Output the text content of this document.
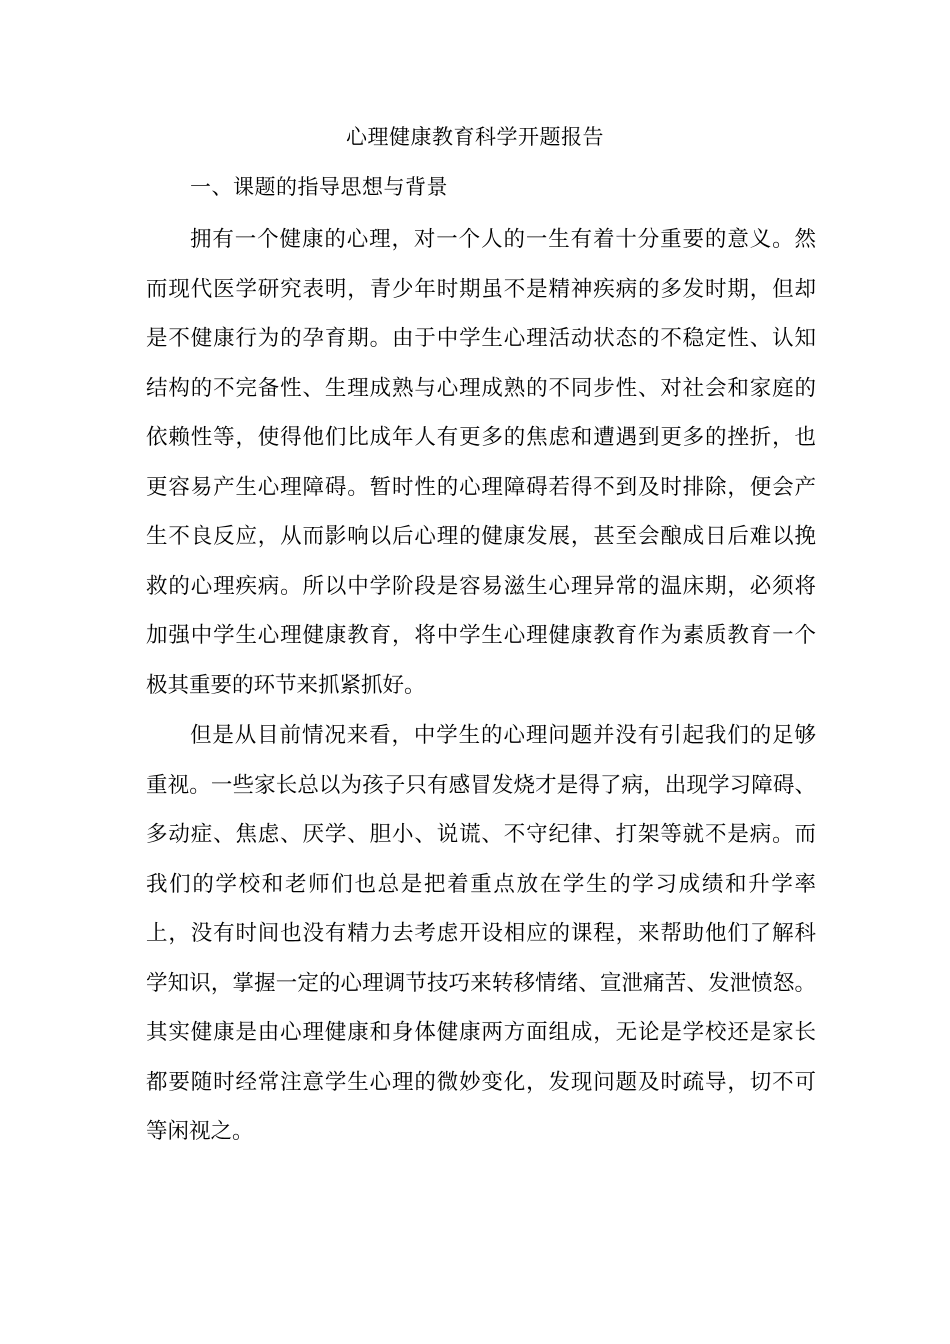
心理健康教育科学开题报告
一、课题的指导思想与背景
拥有一个健康的心理，对一个人的一生有着十分重要的意义。然
而现代医学研究表明，青少年时期虽不是精神疾病的多发时期，但却
是不健康行为的孕育期。由于中学生心理活动状态的不稳定性、认知
结构的不完备性、生理成熟与心理成熟的不同步性、对社会和家庭的
依赖性等，使得他们比成年人有更多的焦虑和遭遇到更多的挫折，也
更容易产生心理障碍。暂时性的心理障碍若得不到及时排除，便会产
生不良反应，从而影响以后心理的健康发展，甚至会酿成日后难以挽
救的心理疾病。所以中学阶段是容易滋生心理异常的温床期，必须将
加强中学生心理健康教育，将中学生心理健康教育作为素质教育一个
极其重要的环节来抓紧抓好。
但是从目前情况来看，中学生的心理问题并没有引起我们的足够
重视。一些家长总以为孩子只有感冒发烧才是得了病，出现学习障碍、
多动症、焦虑、厌学、胆小、说谎、不守纪律、打架等就不是病。而
我们的学校和老师们也总是把着重点放在学生的学习成绩和升学率
上，没有时间也没有精力去考虑开设相应的课程，来帮助他们了解科
学知识，掌握一定的心理调节技巧来转移情绪、宣泄痛苦、发泄愤怒。
其实健康是由心理健康和身体健康两方面组成，无论是学校还是家长
都要随时经常注意学生心理的微妙变化，发现问题及时疏导，切不可
等闲视之。
